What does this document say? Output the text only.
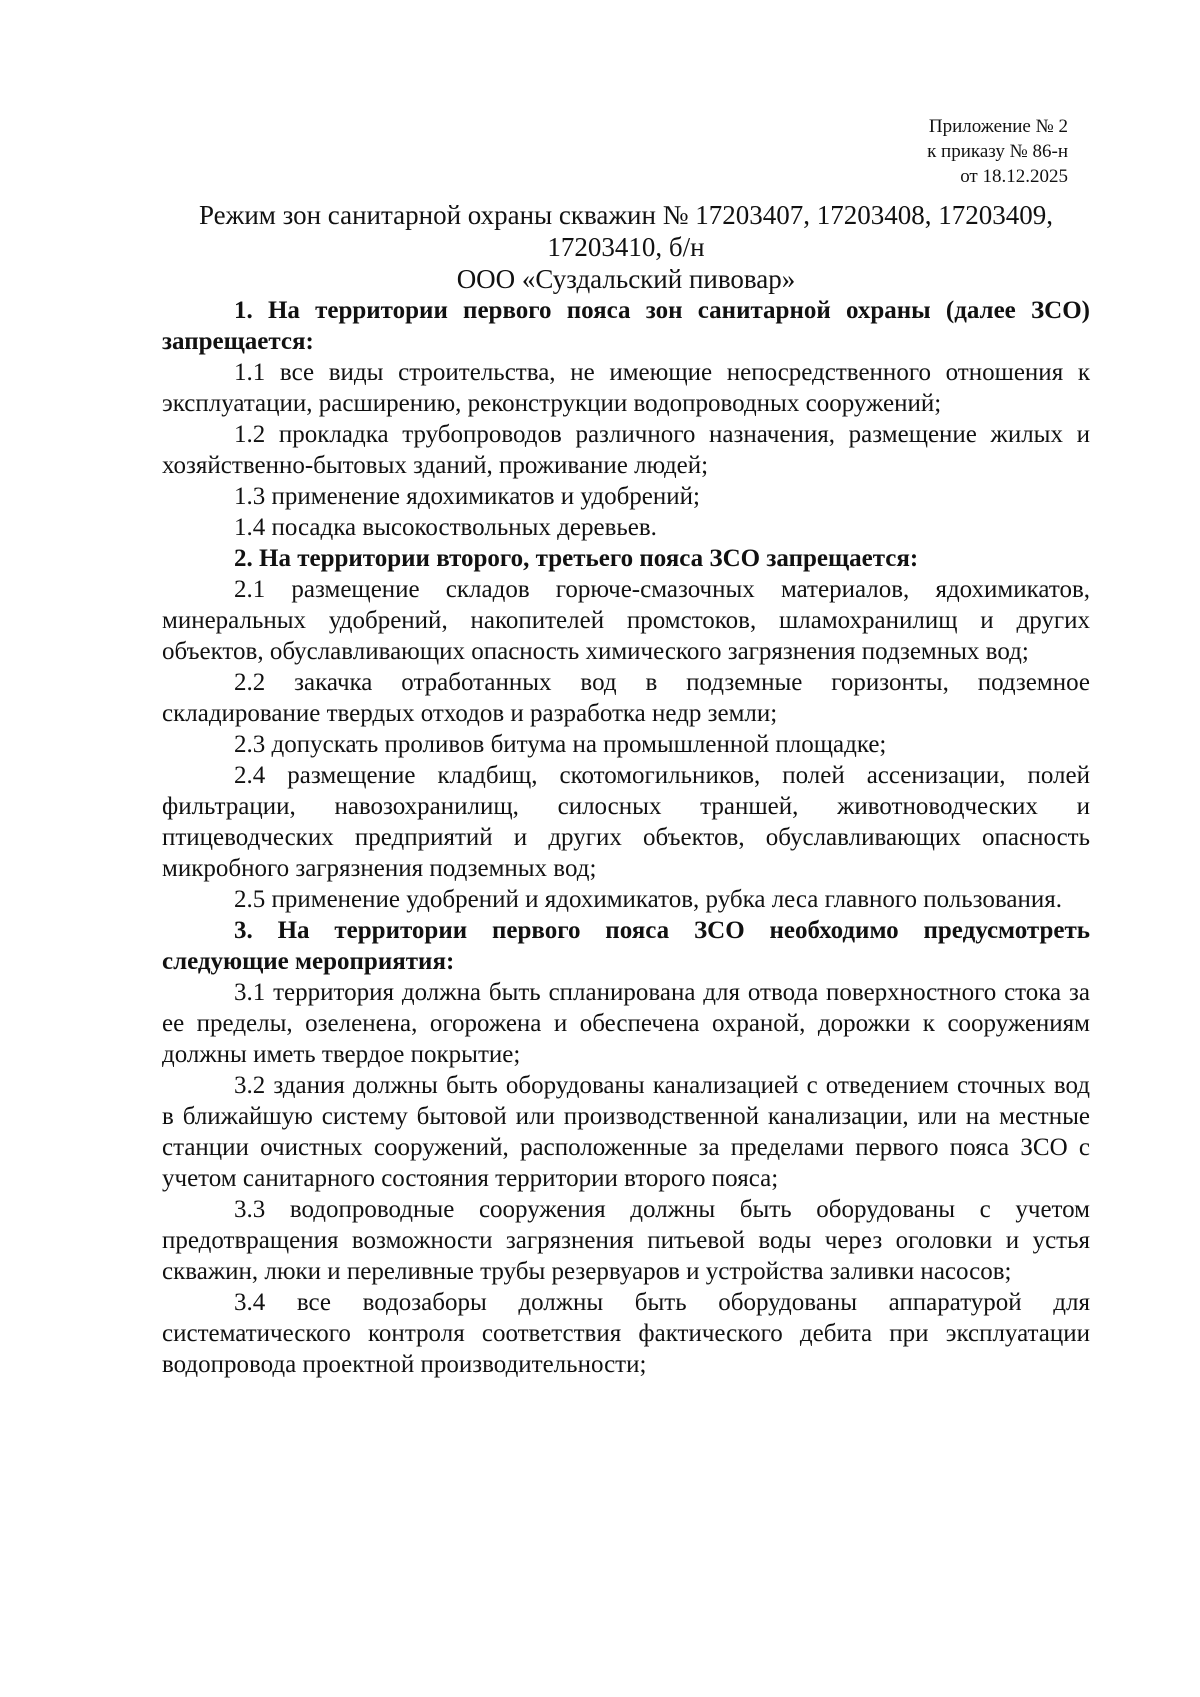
Приложение № 2
к приказу № 86-н
от 18.12.2025
Режим зон санитарной охраны скважин № 17203407, 17203408, 17203409,
17203410, б/н
ООО «Суздальский пивовар»
1. На территории первого пояса зон санитарной охраны (далее ЗСО) запрещается:
1.1 все виды строительства, не имеющие непосредственного отношения к эксплуатации, расширению, реконструкции водопроводных сооружений;
1.2 прокладка трубопроводов различного назначения, размещение жилых и хозяйственно-бытовых зданий, проживание людей;
1.3 применение ядохимикатов и удобрений;
1.4 посадка высокоствольных деревьев.
2. На территории второго, третьего пояса ЗСО запрещается:
2.1 размещение складов горюче-смазочных материалов, ядохимикатов, минеральных удобрений, накопителей промстоков, шламохранилищ и других объектов, обуславливающих опасность химического загрязнения подземных вод;
2.2 закачка отработанных вод в подземные горизонты, подземное складирование твердых отходов и разработка недр земли;
2.3 допускать проливов битума на промышленной площадке;
2.4 размещение кладбищ, скотомогильников, полей ассенизации, полей фильтрации, навозохранилищ, силосных траншей, животноводческих и птицеводческих предприятий и других объектов, обуславливающих опасность микробного загрязнения подземных вод;
2.5 применение удобрений и ядохимикатов, рубка леса главного пользования.
3. На территории первого пояса ЗСО необходимо предусмотреть следующие мероприятия:
3.1 территория должна быть спланирована для отвода поверхностного стока за ее пределы, озеленена, огорожена и обеспечена охраной, дорожки к сооружениям должны иметь твердое покрытие;
3.2 здания должны быть оборудованы канализацией с отведением сточных вод в ближайшую систему бытовой или производственной канализации, или на местные станции очистных сооружений, расположенные за пределами первого пояса ЗСО с учетом санитарного состояния территории второго пояса;
3.3 водопроводные сооружения должны быть оборудованы с учетом предотвращения возможности загрязнения питьевой воды через оголовки и устья скважин, люки и переливные трубы резервуаров и устройства заливки насосов;
3.4 все водозаборы должны быть оборудованы аппаратурой для систематического контроля соответствия фактического дебита при эксплуатации водопровода проектной производительности;
